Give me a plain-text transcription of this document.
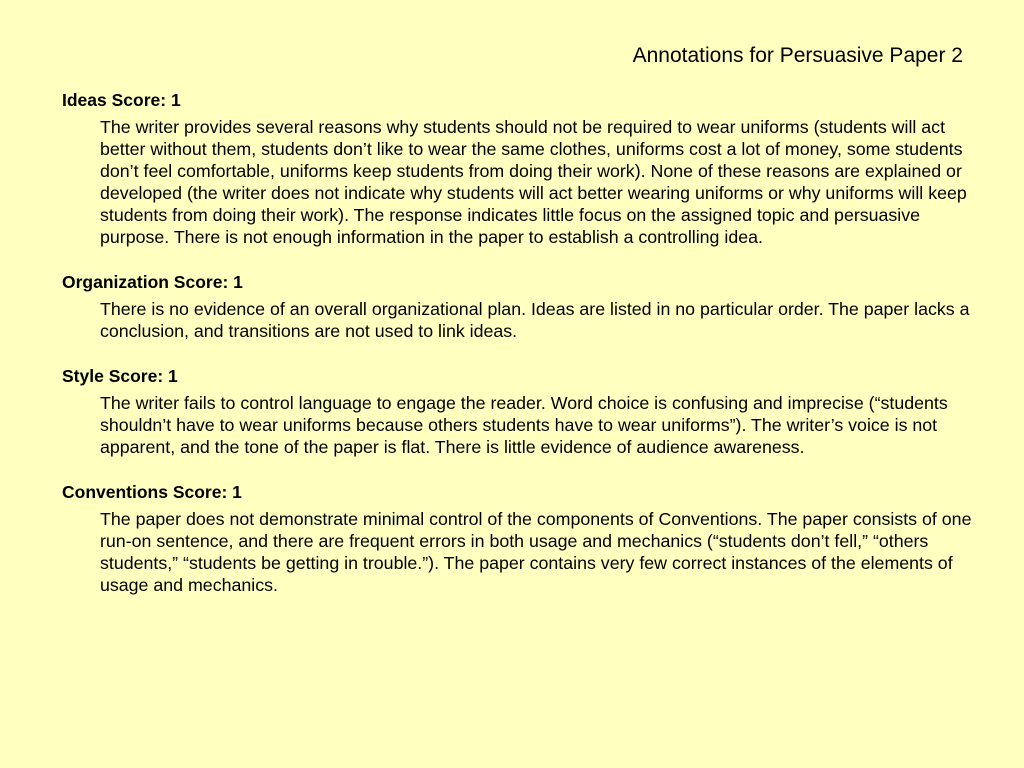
Annotations for Persuasive Paper 2

Ideas Score: 1

The writer provides several reasons why students should not be required to wear uniforms (students will act better without them, students don’t like to wear the same clothes, uniforms cost a lot of money, some students don’t feel comfortable, uniforms keep students from doing their work). None of these reasons are explained or developed (the writer does not indicate why students will act better wearing uniforms or why uniforms will keep students from doing their work). The response indicates little focus on the assigned topic and persuasive purpose. There is not enough information in the paper to establish a controlling idea.

Organization Score: 1

There is no evidence of an overall organizational plan. Ideas are listed in no particular order. The paper lacks a conclusion, and transitions are not used to link ideas.

Style Score: 1

The writer fails to control language to engage the reader. Word choice is confusing and imprecise (“students shouldn’t have to wear uniforms because others students have to wear uniforms”). The writer’s voice is not apparent, and the tone of the paper is flat. There is little evidence of audience awareness.

Conventions Score: 1

The paper does not demonstrate minimal control of the components of Conventions. The paper consists of one run-on sentence, and there are frequent errors in both usage and mechanics (“students don’t fell,” “others students,” “students be getting in trouble.”). The paper contains very few correct instances of the elements of usage and mechanics.
